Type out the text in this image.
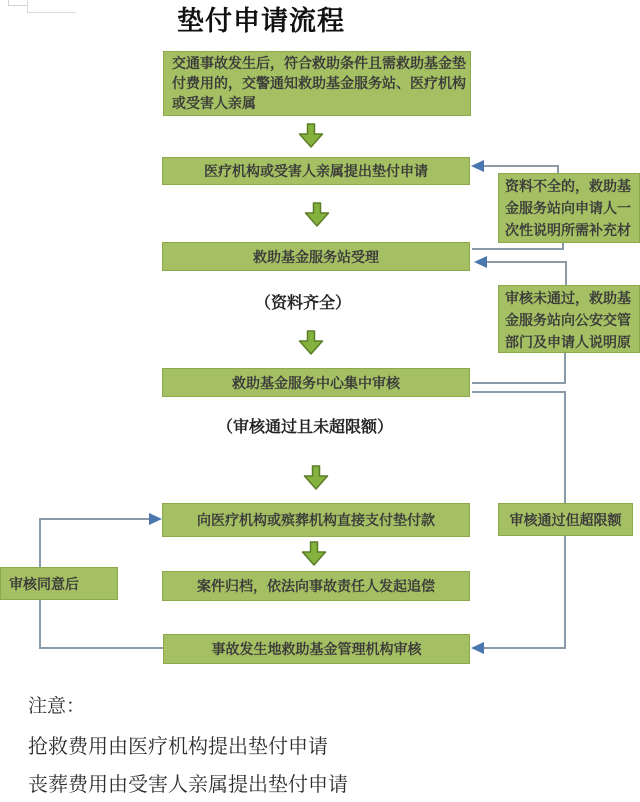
垫付申请流程
交通事故发生后，符合救助条件且需救助基金垫付费用的，交警通知救助基金服务站、医疗机构或受害人亲属
医疗机构或受害人亲属提出垫付申请
救助基金服务站受理
（资料齐全）
救助基金服务中心集中审核
（审核通过且未超限额）
向医疗机构或殡葬机构直接支付垫付款
案件归档，依法向事故责任人发起追偿
事故发生地救助基金管理机构审核
资料不全的，救助基金服务站向申请人一次性说明所需补充材
审核未通过，救助基金服务站向公安交管部门及申请人说明原
审核通过但超限额
审核同意后
注意：
抢救费用由医疗机构提出垫付申请
丧葬费用由受害人亲属提出垫付申请
